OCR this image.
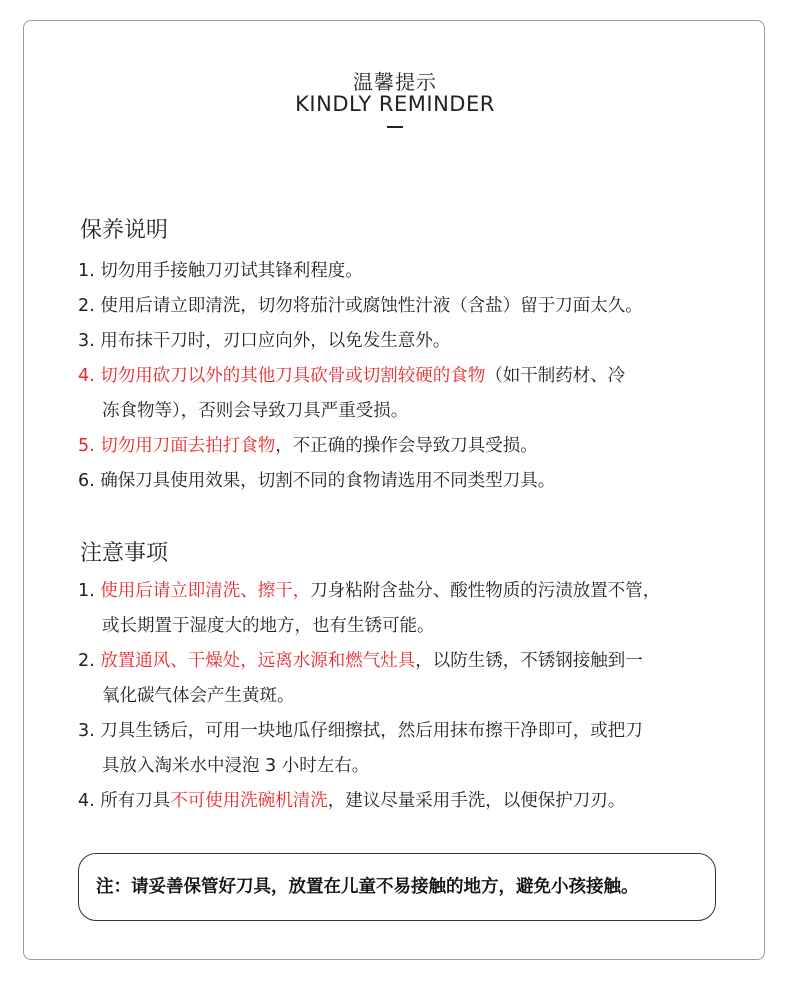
温馨提示
KINDLY REMINDER
保养说明
1. 切勿用手接触刀刃试其锋利程度。
2. 使用后请立即清洗，切勿将茄汁或腐蚀性汁液（含盐）留于刀面太久。
3. 用布抹干刀时，刃口应向外，以免发生意外。
4. 切勿用砍刀以外的其他刀具砍骨或切割较硬的食物（如干制药材、冷
冻食物等），否则会导致刀具严重受损。
5. 切勿用刀面去拍打食物，不正确的操作会导致刀具受损。
6. 确保刀具使用效果，切割不同的食物请选用不同类型刀具。
注意事项
1. 使用后请立即清洗、擦干，刀身粘附含盐分、酸性物质的污渍放置不管，
或长期置于湿度大的地方，也有生锈可能。
2. 放置通风、干燥处，远离水源和燃气灶具，以防生锈，不锈钢接触到一
氧化碳气体会产生黄斑。
3. 刀具生锈后，可用一块地瓜仔细擦拭，然后用抹布擦干净即可，或把刀
具放入淘米水中浸泡 3 小时左右。
4. 所有刀具不可使用洗碗机清洗，建议尽量采用手洗，以便保护刀刃。
注：请妥善保管好刀具，放置在儿童不易接触的地方，避免小孩接触。
